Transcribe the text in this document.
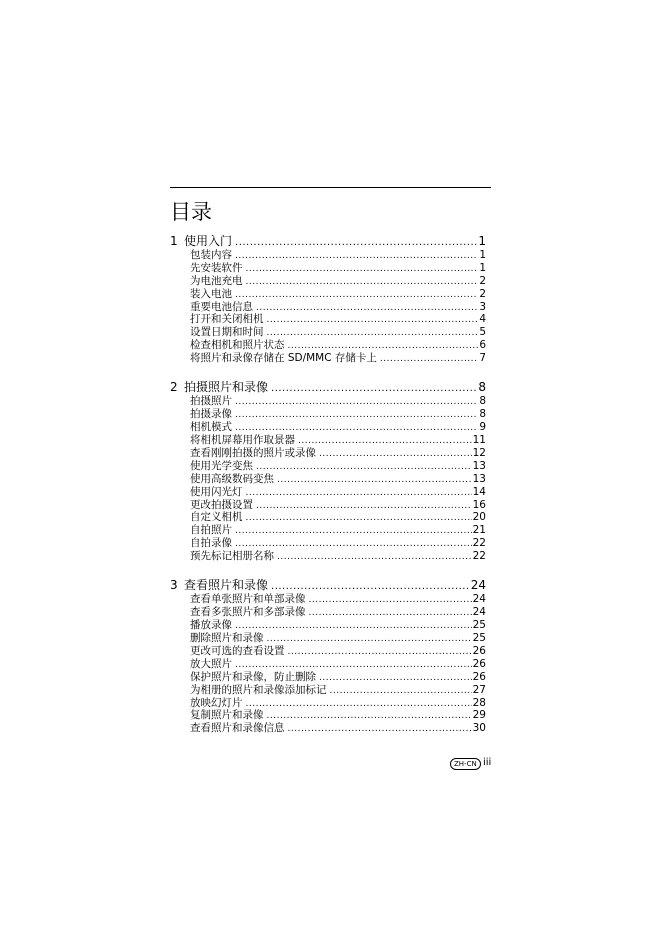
目录
1 使用入门 .....	1
包装内容 .....	1
先安装软件 .....	1
为电池充电 .....	2
装入电池 .....	2
重要电池信息 .....	3
打开和关闭相机 .....	4
设置日期和时间 .....	5
检查相机和照片状态 .....	6
将照片和录像存储在 SD/MMC 存储卡上 .....	7
2 拍摄照片和录像 .....	8
拍摄照片 .....	8
拍摄录像 .....	8
相机模式 .....	9
将相机屏幕用作取景器 .....	11
查看刚刚拍摄的照片或录像 .....	12
使用光学变焦 .....	13
使用高级数码变焦 .....	13
使用闪光灯 .....	14
更改拍摄设置 .....	16
自定义相机 .....	20
自拍照片 .....	21
自拍录像 .....	22
预先标记相册名称 .....	22
3 查看照片和录像 .....	24
查看单张照片和单部录像 .....	24
查看多张照片和多部录像 .....	24
播放录像 .....	25
删除照片和录像 .....	25
更改可选的查看设置 .....	26
放大照片 .....	26
保护照片和录像，防止删除 .....	26
为相册的照片和录像添加标记 .....	27
放映幻灯片 .....	28
复制照片和录像 .....	29
查看照片和录像信息 .....	30
ZH-CN iii
